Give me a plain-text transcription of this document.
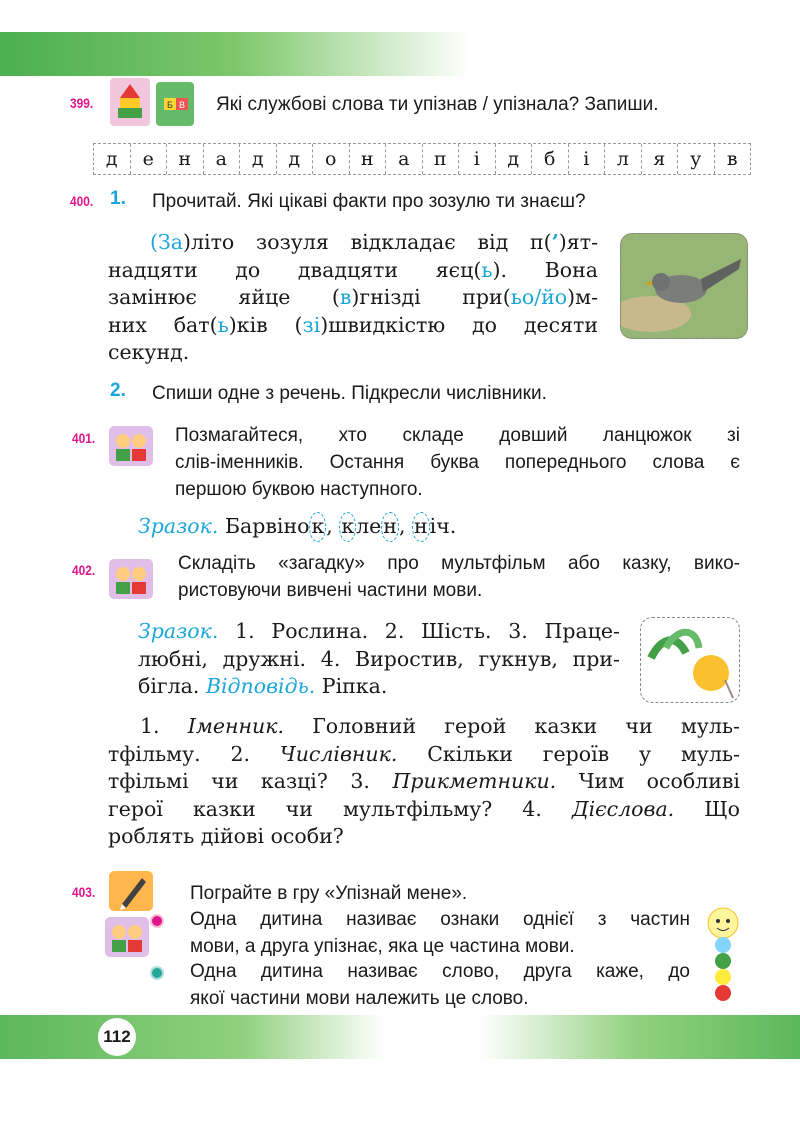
399.	Б В Які службові слова ти упізнав / упізнала? Запиши.
д	е	н	а	д	д	о	н	а	п	і	д	б	і	л	я	у	в
400. 1. Прочитай. Які цікаві факти про зозулю ти знаєш?
(За)літо зозуля відкладає від п(’)ят-
надцяти до двадцяти яєц(ь). Вона
замінює яйце (в)гнізді при(ьо/йо)м-
них бат(ь)ків (зі)швидкістю до десяти
секунд.
2. Спиши одне з речень. Підкресли числівники.
401.	Позмагайтеся, хто складе довший ланцюжок зі
слів-іменників. Остання буква попереднього слова є
першою буквою наступного.
Зразок. Барвінок, клен, ніч.
402.	Складіть «загадку» про мультфільм або казку, вико-
ристовуючи вивчені частини мови.
Зразок. 1. Рослина. 2. Шість. 3. Праце-
любні, дружні. 4. Виростив, гукнув, при-
бігла. Відповідь. Ріпка.
1. Іменник. Головний герой казки чи муль-
тфільму. 2. Числівник. Скільки героїв у муль-
тфільмі чи казці? 3. Прикметники. Чим особливі
герої казки чи мультфільму? 4. Дієслова. Що
роблять дійові особи?
403.	Пограйте в гру «Упізнай мене».
Одна дитина називає ознаки однієї з частин
мови, а друга упізнає, яка це частина мови.
Одна дитина називає слово, друга каже, до
якої частини мови належить це слово.
112
